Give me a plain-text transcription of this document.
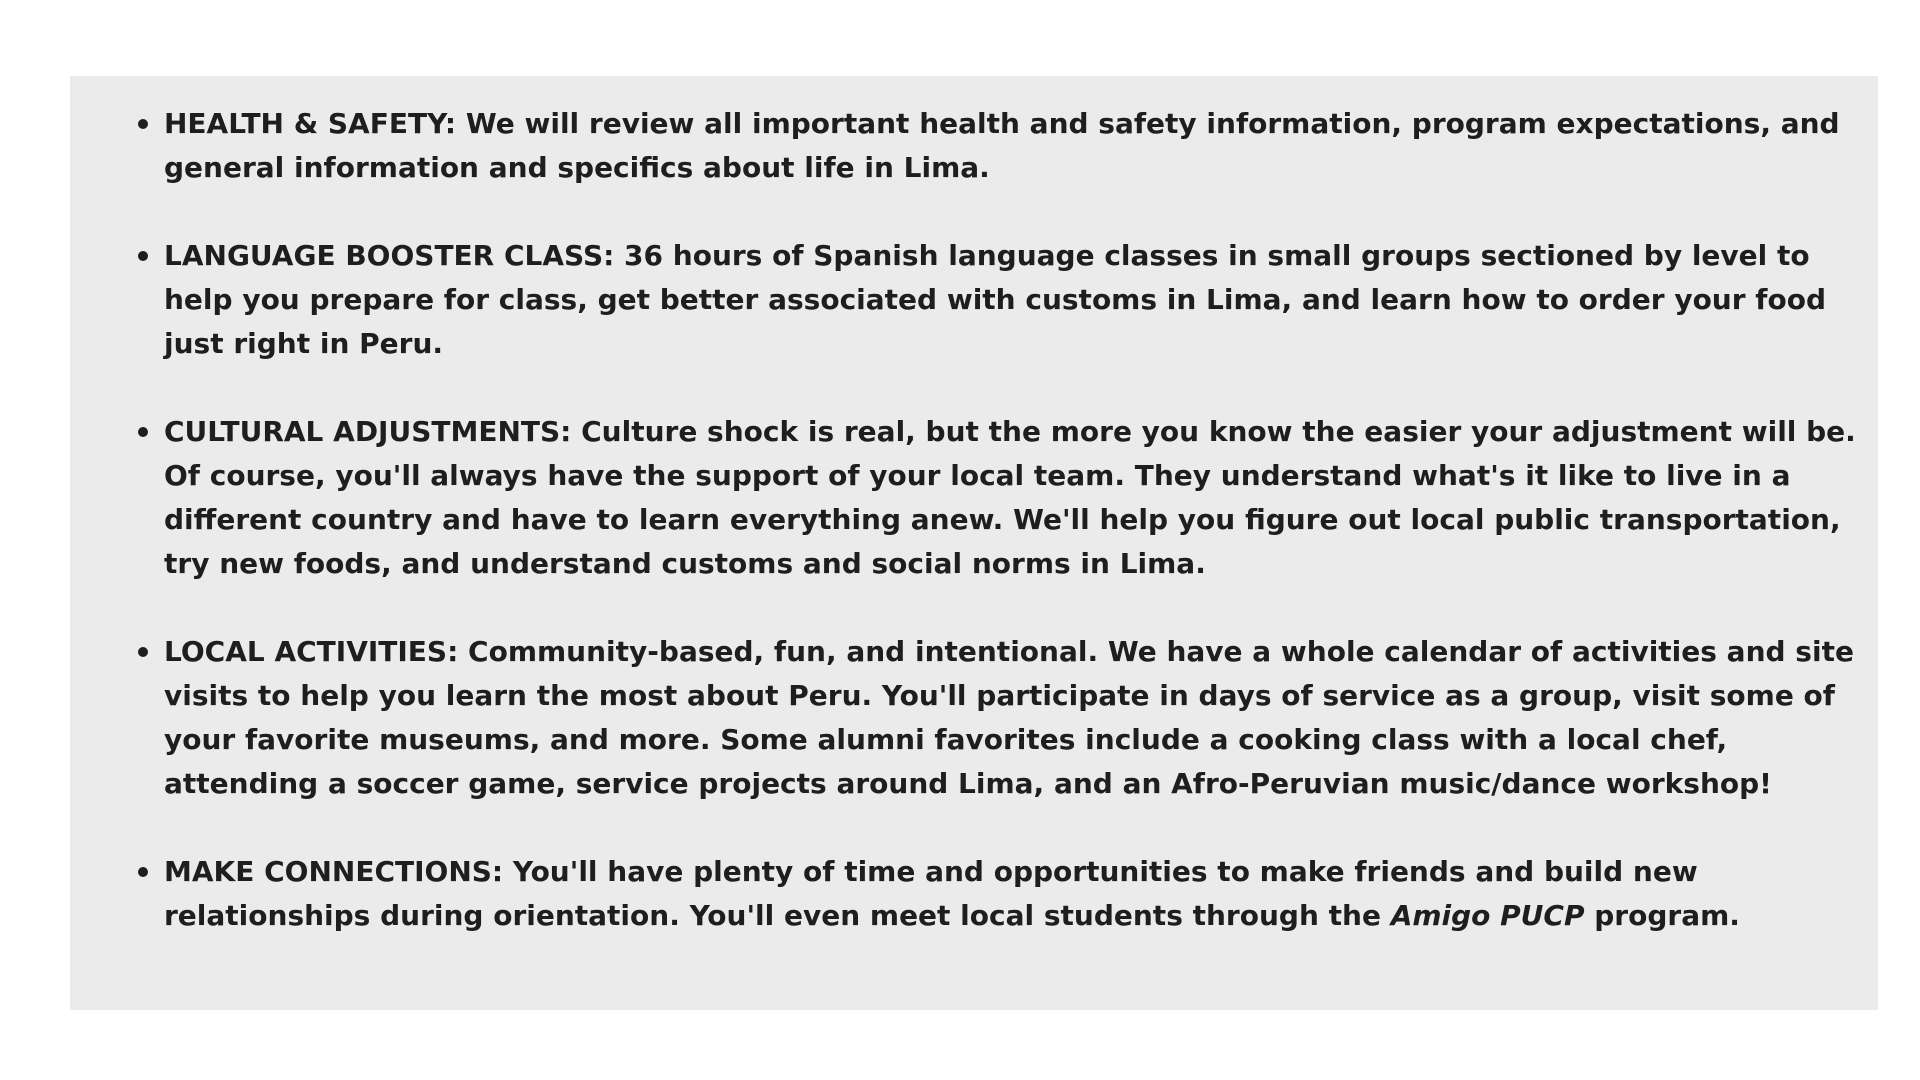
HEALTH & SAFETY: We will review all important health and safety information, program expectations, and general information and specifics about life in Lima.
LANGUAGE BOOSTER CLASS: 36 hours of Spanish language classes in small groups sectioned by level to help you prepare for class, get better associated with customs in Lima, and learn how to order your food just right in Peru.
CULTURAL ADJUSTMENTS: Culture shock is real, but the more you know the easier your adjustment will be. Of course, you'll always have the support of your local team. They understand what's it like to live in a different country and have to learn everything anew. We'll help you figure out local public transportation, try new foods, and understand customs and social norms in Lima.
LOCAL ACTIVITIES: Community-based, fun, and intentional. We have a whole calendar of activities and site visits to help you learn the most about Peru. You'll participate in days of service as a group, visit some of your favorite museums, and more. Some alumni favorites include a cooking class with a local chef, attending a soccer game, service projects around Lima, and an Afro-Peruvian music/dance workshop!
MAKE CONNECTIONS: You'll have plenty of time and opportunities to make friends and build new relationships during orientation. You'll even meet local students through the Amigo PUCP program.
